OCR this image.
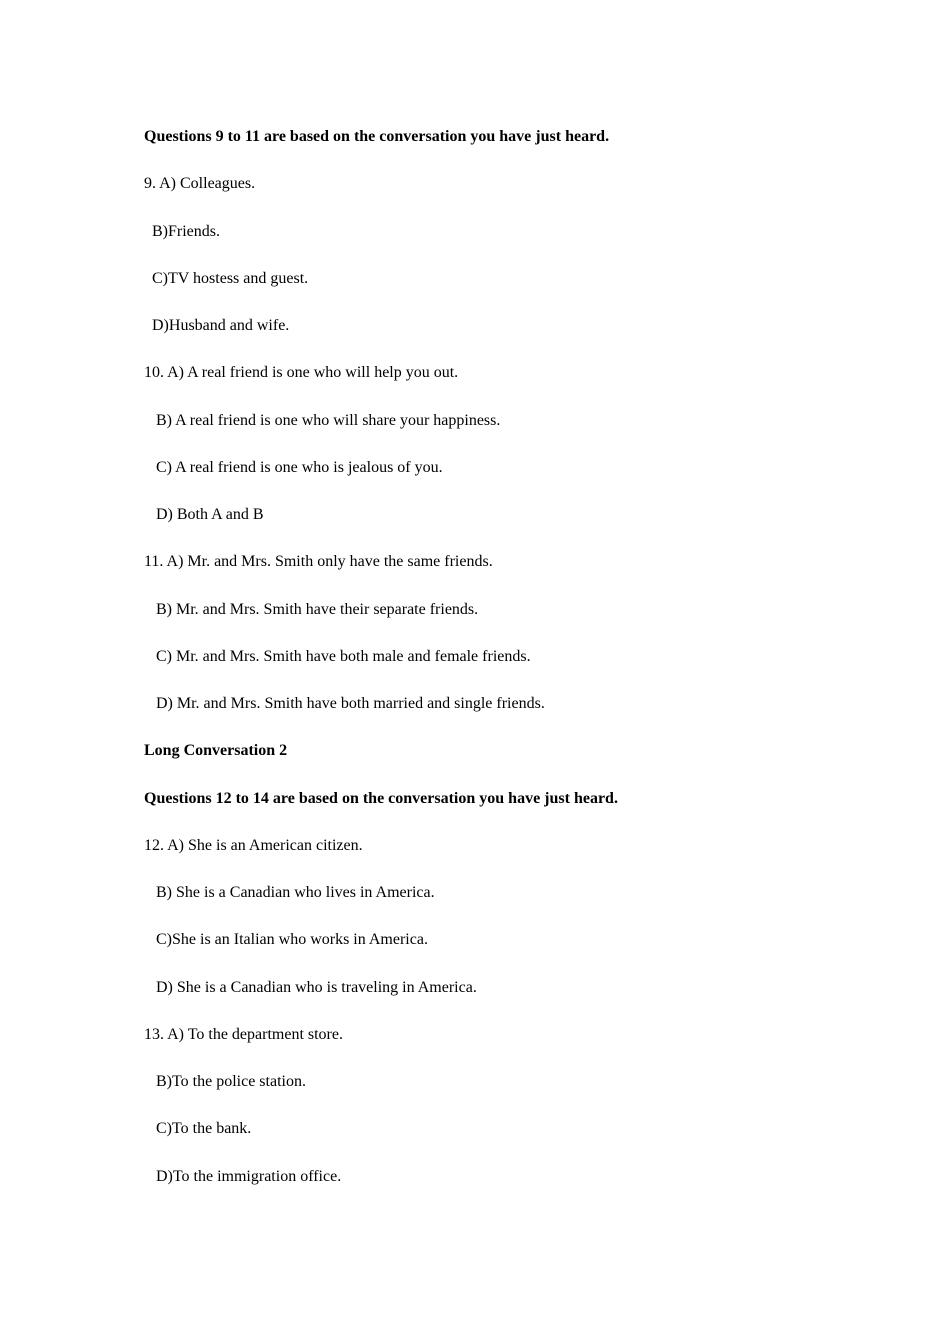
Questions 9 to 11 are based on the conversation you have just heard.
9. A) Colleagues.
B)Friends.
C)TV hostess and guest.
D)Husband and wife.
10. A) A real friend is one who will help you out.
B) A real friend is one who will share your happiness.
C) A real friend is one who is jealous of you.
D) Both A and B
11. A) Mr. and Mrs. Smith only have the same friends.
B) Mr. and Mrs. Smith have their separate friends.
C) Mr. and Mrs. Smith have both male and female friends.
D) Mr. and Mrs. Smith have both married and single friends.
Long Conversation 2
Questions 12 to 14 are based on the conversation you have just heard.
12. A) She is an American citizen.
B) She is a Canadian who lives in America.
C)She is an Italian who works in America.
D) She is a Canadian who is traveling in America.
13. A) To the department store.
B)To the police station.
C)To the bank.
D)To the immigration office.
